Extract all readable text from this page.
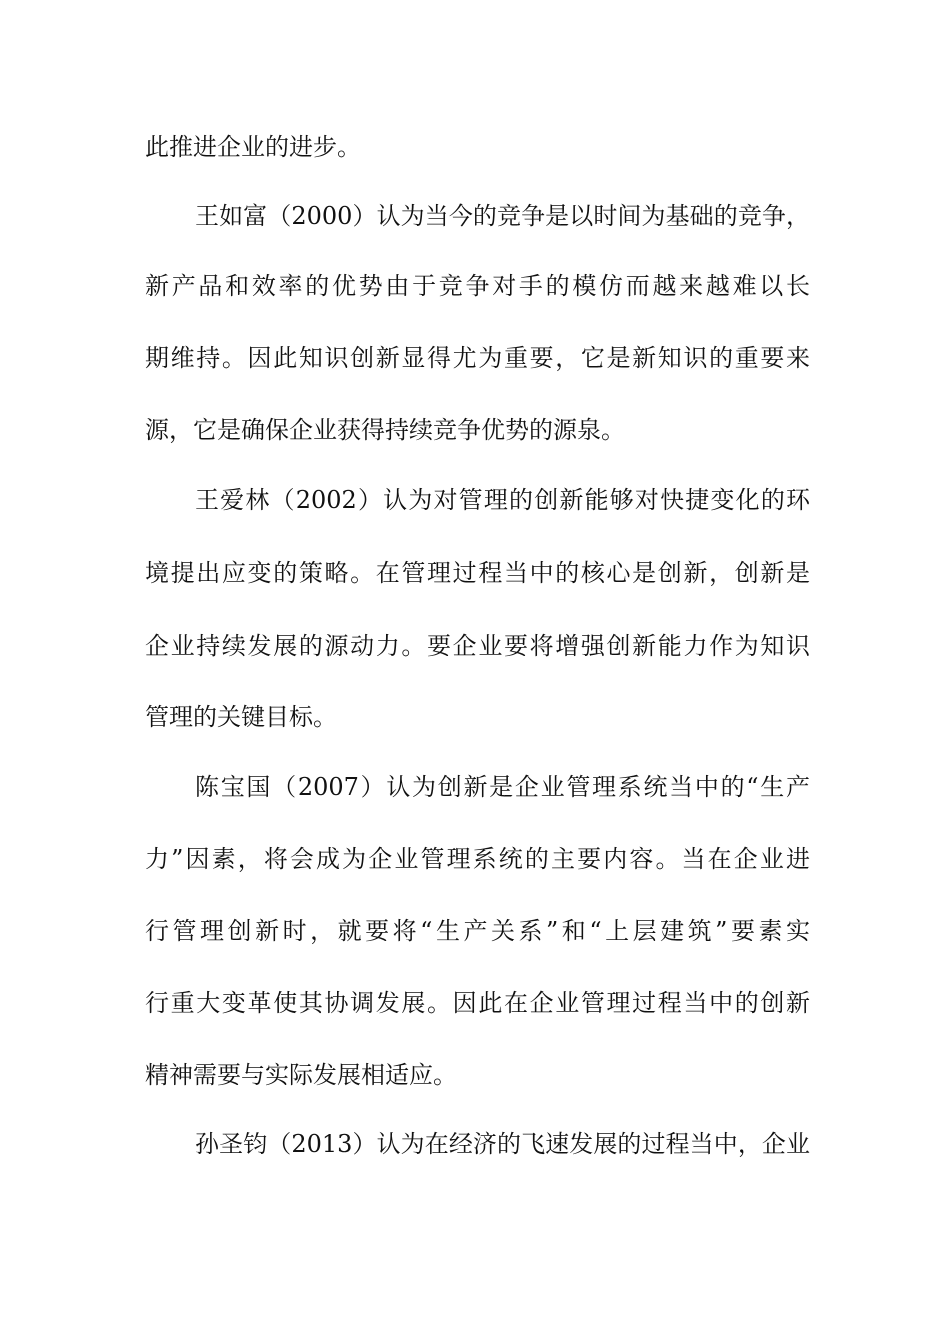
此推进企业的进步。
王如富（2000）认为当今的竞争是以时间为基础的竞争，
新产品和效率的优势由于竞争对手的模仿而越来越难以长
期维持。因此知识创新显得尤为重要，它是新知识的重要来
源，它是确保企业获得持续竞争优势的源泉。
王爱林（2002）认为对管理的创新能够对快捷变化的环
境提出应变的策略。在管理过程当中的核心是创新，创新是
企业持续发展的源动力。要企业要将增强创新能力作为知识
管理的关键目标。
陈宝国（2007）认为创新是企业管理系统当中的“生产
力”因素，将会成为企业管理系统的主要内容。当在企业进
行管理创新时，就要将“生产关系”和“上层建筑”要素实
行重大变革使其协调发展。因此在企业管理过程当中的创新
精神需要与实际发展相适应。
孙圣钧（2013）认为在经济的飞速发展的过程当中，企业
